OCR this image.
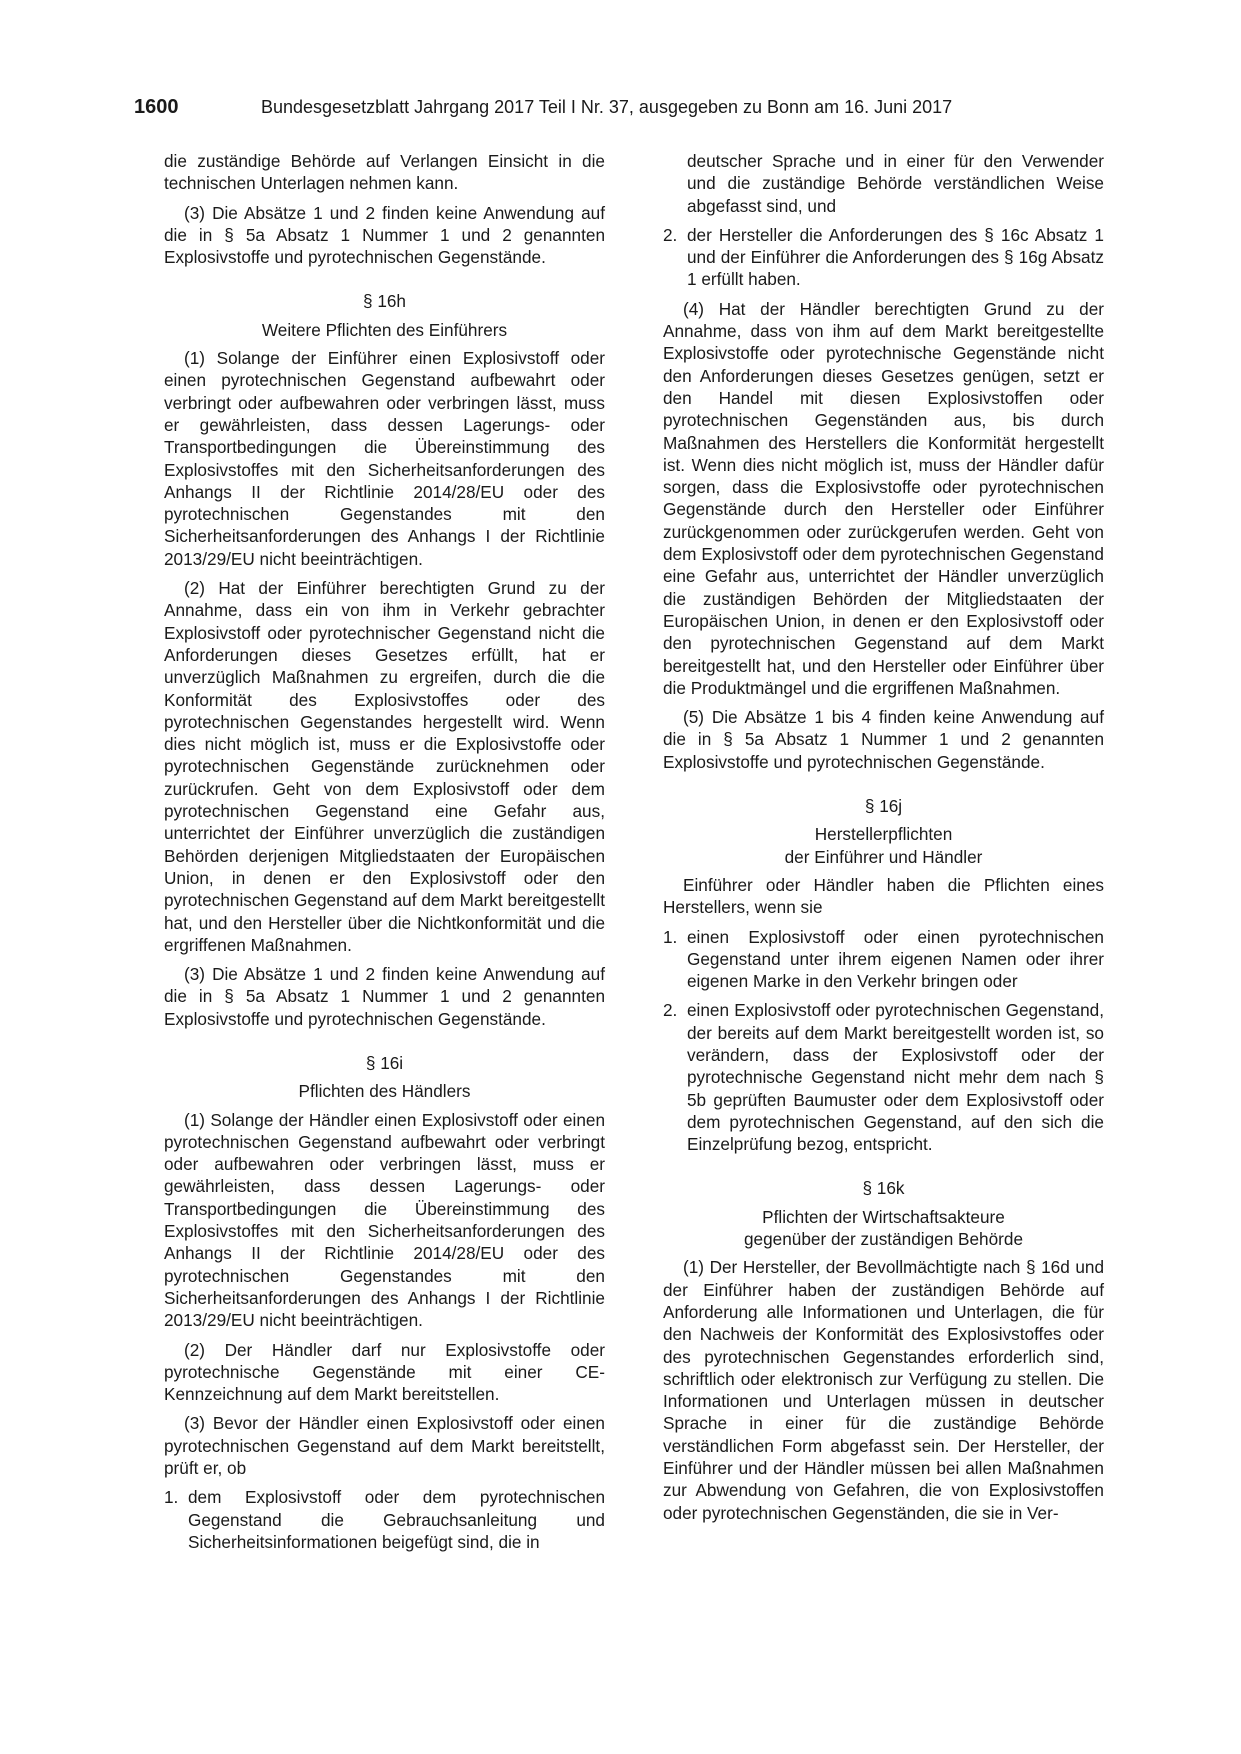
1600	Bundesgesetzblatt Jahrgang 2017 Teil I Nr. 37, ausgegeben zu Bonn am 16. Juni 2017

die zuständige Behörde auf Verlangen Einsicht in die technischen Unterlagen nehmen kann.

(3) Die Absätze 1 und 2 finden keine Anwendung auf die in § 5a Absatz 1 Nummer 1 und 2 genannten Explosivstoffe und pyrotechnischen Gegenstände.

§ 16h
Weitere Pflichten des Einführers

(1) Solange der Einführer einen Explosivstoff oder einen pyrotechnischen Gegenstand aufbewahrt oder verbringt oder aufbewahren oder verbringen lässt, muss er gewährleisten, dass dessen Lagerungs- oder Transportbedingungen die Übereinstimmung des Explosivstoffes mit den Sicherheitsanforderungen des Anhangs II der Richtlinie 2014/28/EU oder des pyrotechnischen Gegenstandes mit den Sicherheitsanforderungen des Anhangs I der Richtlinie 2013/29/EU nicht beeinträchtigen.

(2) Hat der Einführer berechtigten Grund zu der Annahme, dass ein von ihm in Verkehr gebrachter Explosivstoff oder pyrotechnischer Gegenstand nicht die Anforderungen dieses Gesetzes erfüllt, hat er unverzüglich Maßnahmen zu ergreifen, durch die die Konformität des Explosivstoffes oder des pyrotechnischen Gegenstandes hergestellt wird. Wenn dies nicht möglich ist, muss er die Explosivstoffe oder pyrotechnischen Gegenstände zurücknehmen oder zurückrufen. Geht von dem Explosivstoff oder dem pyrotechnischen Gegenstand eine Gefahr aus, unterrichtet der Einführer unverzüglich die zuständigen Behörden derjenigen Mitgliedstaaten der Europäischen Union, in denen er den Explosivstoff oder den pyrotechnischen Gegenstand auf dem Markt bereitgestellt hat, und den Hersteller über die Nichtkonformität und die ergriffenen Maßnahmen.

(3) Die Absätze 1 und 2 finden keine Anwendung auf die in § 5a Absatz 1 Nummer 1 und 2 genannten Explosivstoffe und pyrotechnischen Gegenstände.

§ 16i
Pflichten des Händlers

(1) Solange der Händler einen Explosivstoff oder einen pyrotechnischen Gegenstand aufbewahrt oder verbringt oder aufbewahren oder verbringen lässt, muss er gewährleisten, dass dessen Lagerungs- oder Transportbedingungen die Übereinstimmung des Explosivstoffes mit den Sicherheitsanforderungen des Anhangs II der Richtlinie 2014/28/EU oder des pyrotechnischen Gegenstandes mit den Sicherheitsanforderungen des Anhangs I der Richtlinie 2013/29/EU nicht beeinträchtigen.

(2) Der Händler darf nur Explosivstoffe oder pyrotechnische Gegenstände mit einer CE-Kennzeichnung auf dem Markt bereitstellen.

(3) Bevor der Händler einen Explosivstoff oder einen pyrotechnischen Gegenstand auf dem Markt bereitstellt, prüft er, ob

1. dem Explosivstoff oder dem pyrotechnischen Gegenstand die Gebrauchsanleitung und Sicherheitsinformationen beigefügt sind, die in

deutscher Sprache und in einer für den Verwender und die zuständige Behörde verständlichen Weise abgefasst sind, und

2. der Hersteller die Anforderungen des § 16c Absatz 1 und der Einführer die Anforderungen des § 16g Absatz 1 erfüllt haben.

(4) Hat der Händler berechtigten Grund zu der Annahme, dass von ihm auf dem Markt bereitgestellte Explosivstoffe oder pyrotechnische Gegenstände nicht den Anforderungen dieses Gesetzes genügen, setzt er den Handel mit diesen Explosivstoffen oder pyrotechnischen Gegenständen aus, bis durch Maßnahmen des Herstellers die Konformität hergestellt ist. Wenn dies nicht möglich ist, muss der Händler dafür sorgen, dass die Explosivstoffe oder pyrotechnischen Gegenstände durch den Hersteller oder Einführer zurückgenommen oder zurückgerufen werden. Geht von dem Explosivstoff oder dem pyrotechnischen Gegenstand eine Gefahr aus, unterrichtet der Händler unverzüglich die zuständigen Behörden der Mitgliedstaaten der Europäischen Union, in denen er den Explosivstoff oder den pyrotechnischen Gegenstand auf dem Markt bereitgestellt hat, und den Hersteller oder Einführer über die Produktmängel und die ergriffenen Maßnahmen.

(5) Die Absätze 1 bis 4 finden keine Anwendung auf die in § 5a Absatz 1 Nummer 1 und 2 genannten Explosivstoffe und pyrotechnischen Gegenstände.

§ 16j
Herstellerpflichten
der Einführer und Händler

Einführer oder Händler haben die Pflichten eines Herstellers, wenn sie

1. einen Explosivstoff oder einen pyrotechnischen Gegenstand unter ihrem eigenen Namen oder ihrer eigenen Marke in den Verkehr bringen oder
2. einen Explosivstoff oder pyrotechnischen Gegenstand, der bereits auf dem Markt bereitgestellt worden ist, so verändern, dass der Explosivstoff oder der pyrotechnische Gegenstand nicht mehr dem nach § 5b geprüften Baumuster oder dem Explosivstoff oder dem pyrotechnischen Gegenstand, auf den sich die Einzelprüfung bezog, entspricht.
§ 16k
Pflichten der Wirtschaftsakteure
gegenüber der zuständigen Behörde

(1) Der Hersteller, der Bevollmächtigte nach § 16d und der Einführer haben der zuständigen Behörde auf Anforderung alle Informationen und Unterlagen, die für den Nachweis der Konformität des Explosivstoffes oder des pyrotechnischen Gegenstandes erforderlich sind, schriftlich oder elektronisch zur Verfügung zu stellen. Die Informationen und Unterlagen müssen in deutscher Sprache in einer für die zuständige Behörde verständlichen Form abgefasst sein. Der Hersteller, der Einführer und der Händler müssen bei allen Maßnahmen zur Abwendung von Gefahren, die von Explosivstoffen oder pyrotechnischen Gegenständen, die sie in Ver-
